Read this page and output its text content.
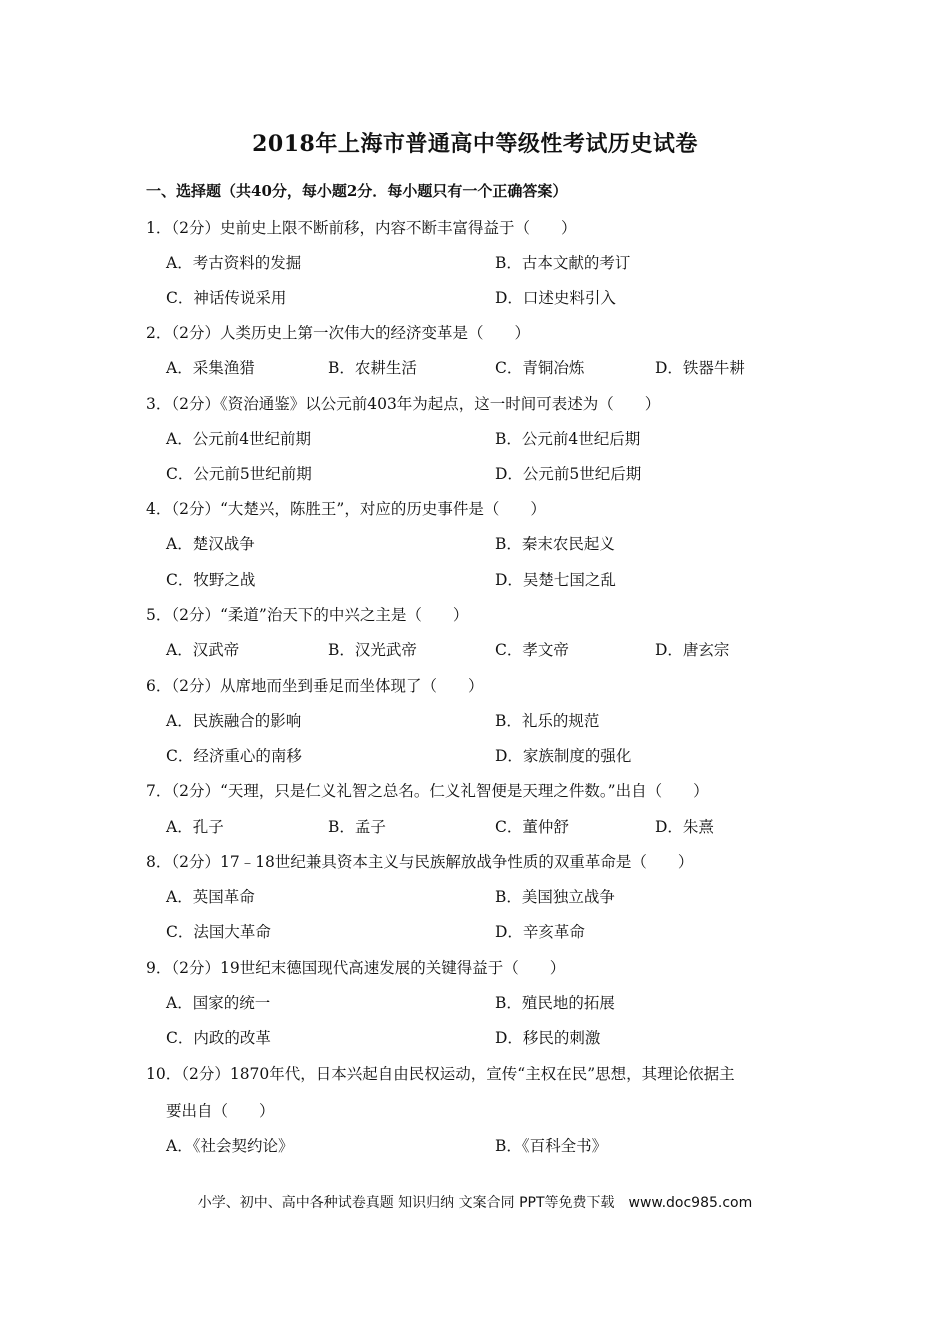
2018年上海市普通高中等级性考试历史试卷
一、选择题（共40分，每小题2分．每小题只有一个正确答案）
1．（2分）史前史上限不断前移，内容不断丰富得益于（　　）
A．考古资料的发掘	B．古本文献的考订
C．神话传说采用	D．口述史料引入
2．（2分）人类历史上第一次伟大的经济变革是（　　）
A．采集渔猎	B．农耕生活	C．青铜冶炼	D．铁器牛耕
3．（2分）《资治通鉴》以公元前403年为起点，这一时间可表述为（　　）
A．公元前4世纪前期	B．公元前4世纪后期
C．公元前5世纪前期	D．公元前5世纪后期
4．（2分）“大楚兴，陈胜王”，对应的历史事件是（　　）
A．楚汉战争	B．秦末农民起义
C．牧野之战	D．吴楚七国之乱
5．（2分）“柔道”治天下的中兴之主是（　　）
A．汉武帝	B．汉光武帝	C．孝文帝	D．唐玄宗
6．（2分）从席地而坐到垂足而坐体现了（　　）
A．民族融合的影响	B．礼乐的规范
C．经济重心的南移	D．家族制度的强化
7．（2分）“天理，只是仁义礼智之总名。仁义礼智便是天理之件数。”出自（　　）
A．孔子	B．孟子	C．董仲舒	D．朱熹
8．（2分）17﹣18世纪兼具资本主义与民族解放战争性质的双重革命是（　　）
A．英国革命	B．美国独立战争
C．法国大革命	D．辛亥革命
9．（2分）19世纪末德国现代高速发展的关键得益于（　　）
A．国家的统一	B．殖民地的拓展
C．内政的改革	D．移民的刺激
10．（2分）1870年代，日本兴起自由民权运动，宣传“主权在民”思想，其理论依据主
要出自（　　）
A．《社会契约论》	B．《百科全书》
小学、初中、高中各种试卷真题 知识归纳 文案合同 PPT等免费下载　www.doc985.com
